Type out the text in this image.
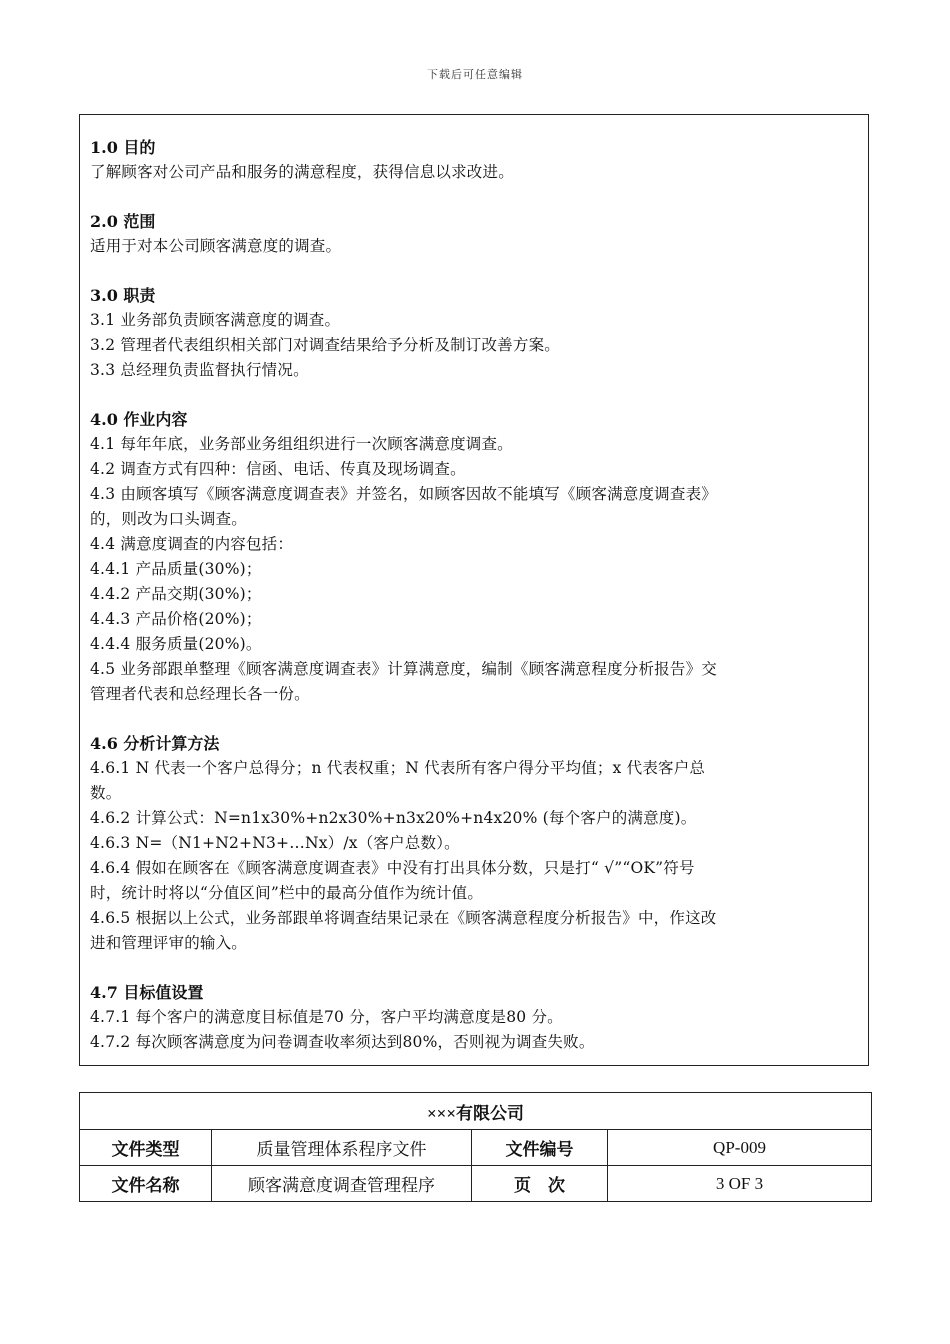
下载后可任意编辑
1.0 目的
了解顾客对公司产品和服务的满意程度，获得信息以求改进。
2.0 范围
适用于对本公司顾客满意度的调查。
3.0 职责
3.1 业务部负责顾客满意度的调查。
3.2 管理者代表组织相关部门对调查结果给予分析及制订改善方案。
3.3 总经理负责监督执行情况。
4.0 作业内容
4.1 每年年底，业务部业务组组织进行一次顾客满意度调查。
4.2 调查方式有四种：信函、电话、传真及现场调查。
4.3 由顾客填写《顾客满意度调查表》并签名，如顾客因故不能填写《顾客满意度调查表》
的，则改为口头调查。
4.4 满意度调查的内容包括：
4.4.1 产品质量(30%)；
4.4.2 产品交期(30%)；
4.4.3 产品价格(20%)；
4.4.4 服务质量(20%)。
4.5 业务部跟单整理《顾客满意度调查表》计算满意度，编制《顾客满意程度分析报告》交
管理者代表和总经理长各一份。
4.6 分析计算方法
4.6.1 N 代表一个客户总得分；n 代表权重；N 代表所有客户得分平均值；x 代表客户总
数。
4.6.2 计算公式：N=n1x30%+n2x30%+n3x20%+n4x20% (每个客户的满意度)。
4.6.3 N=（N1+N2+N3+…Nx）/x（客户总数）。
4.6.4 假如在顾客在《顾客满意度调查表》中没有打出具体分数，只是打“ √”“OK”符号
时，统计时将以“分值区间”栏中的最高分值作为统计值。
4.6.5 根据以上公式，业务部跟单将调查结果记录在《顾客满意程度分析报告》中，作这改
进和管理评审的输入。
4.7 目标值设置
4.7.1 每个客户的满意度目标值是70 分，客户平均满意度是80 分。
4.7.2 每次顾客满意度为问卷调查收率须达到80%，否则视为调查失败。
×××有限公司			
文件类型	质量管理体系程序文件	文件编号	QP-009
文件名称	顾客满意度调查管理程序	页　次	3 OF 3
